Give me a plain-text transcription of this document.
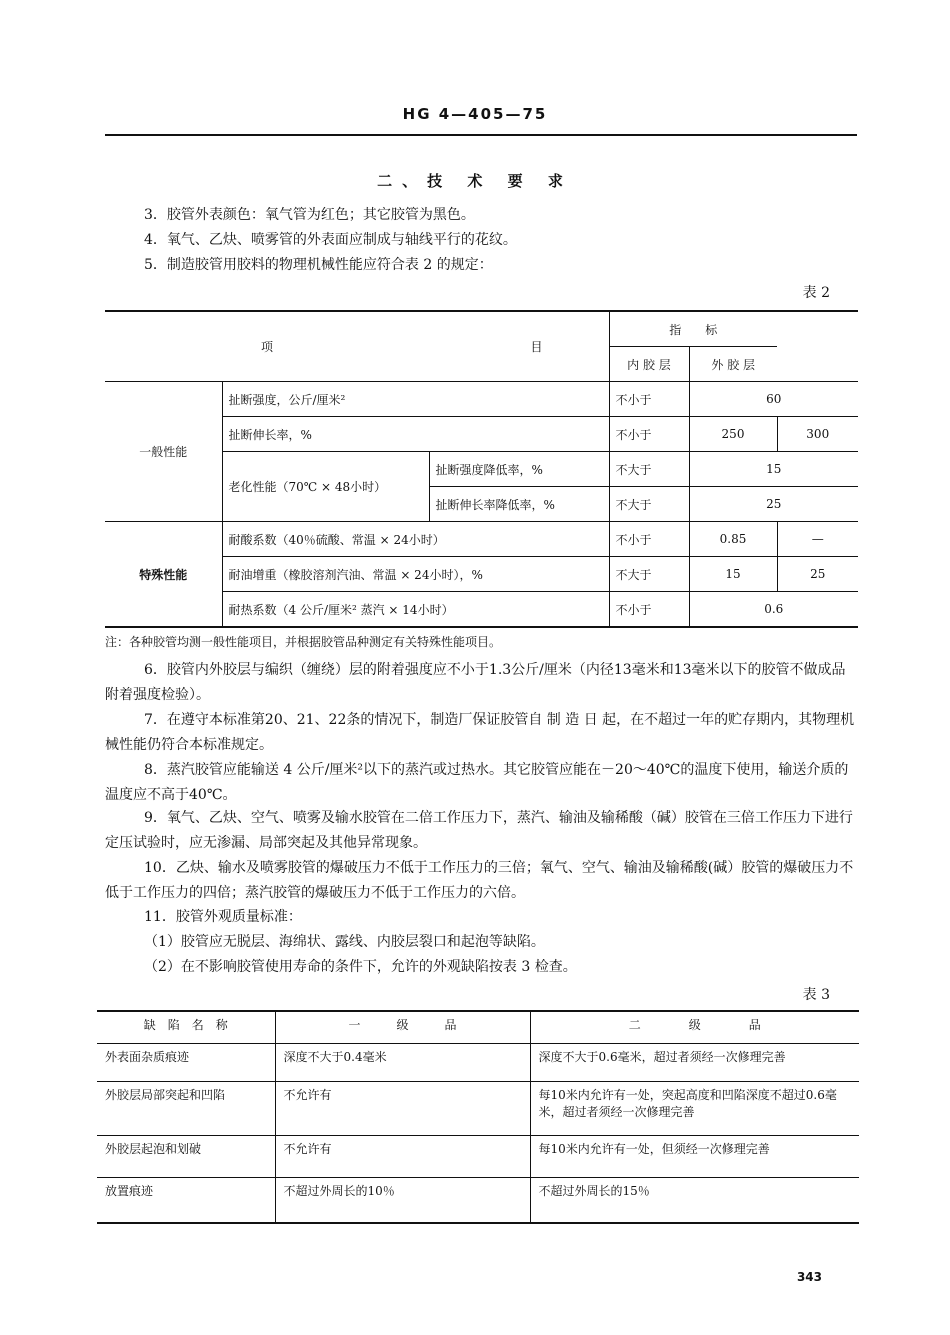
HG 4—405—75
二、技 术 要 求
3．胶管外表颜色：氧气管为红色；其它胶管为黑色。
4．氧气、乙炔、喷雾管的外表面应制成与轴线平行的花纹。
5．制造胶管用胶料的物理机械性能应符合表 2 的规定：
表 2
项 目			指　　标		
			内 胶 层	外 胶 层	
一般性能	扯断强度，公斤/厘米²		不小于	60	
	扯断伸长率，%		不小于	250	300
	老化性能（70℃ × 48小时）	扯断强度降低率，%	不大于	15	
		扯断伸长率降低率，%	不大于	25	
特殊性能	耐酸系数（40％硫酸、常温 × 24小时）		不小于	0.85	—
	耐油增重（橡胶溶剂汽油、常温 × 24小时），%		不大于	15	25
	耐热系数（4 公斤/厘米² 蒸汽 × 14小时）		不小于	0.6	
注：各种胶管均测一般性能项目，并根据胶管品种测定有关特殊性能项目。
6．胶管内外胶层与编织（缠绕）层的附着强度应不小于1.3公斤/厘米（内径13毫米和13毫米以下的胶管不做成品附着强度检验）。
7．在遵守本标准第20、21、22条的情况下，制造厂保证胶管自 制 造 日 起，在不超过一年的贮存期内，其物理机械性能仍符合本标准规定。
8．蒸汽胶管应能输送 4 公斤/厘米²以下的蒸汽或过热水。其它胶管应能在－20～40℃的温度下使用，输送介质的温度应不高于40℃。
9．氧气、乙炔、空气、喷雾及输水胶管在二倍工作压力下，蒸汽、输油及输稀酸（碱）胶管在三倍工作压力下进行定压试验时，应无渗漏、局部突起及其他异常现象。
10．乙炔、输水及喷雾胶管的爆破压力不低于工作压力的三倍；氧气、空气、输油及输稀酸(碱）胶管的爆破压力不低于工作压力的四倍；蒸汽胶管的爆破压力不低于工作压力的六倍。
11．胶管外观质量标准：
（1）胶管应无脱层、海绵状、露线、内胶层裂口和起泡等缺陷。
（2）在不影响胶管使用寿命的条件下，允许的外观缺陷按表 3 检查。
表 3
缺　陷　名　称	一　　　级　　　品	二　　　　级　　　　品
外表面杂质痕迹	深度不大于0.4毫米	深度不大于0.6毫米，超过者须经一次修理完善
外胶层局部突起和凹陷	不允许有	每10米内允许有一处，突起高度和凹陷深度不超过0.6毫米，超过者须经一次修理完善
外胶层起泡和划破	不允许有	每10米内允许有一处，但须经一次修理完善
放置痕迹	不超过外周长的10％	不超过外周长的15％
343
